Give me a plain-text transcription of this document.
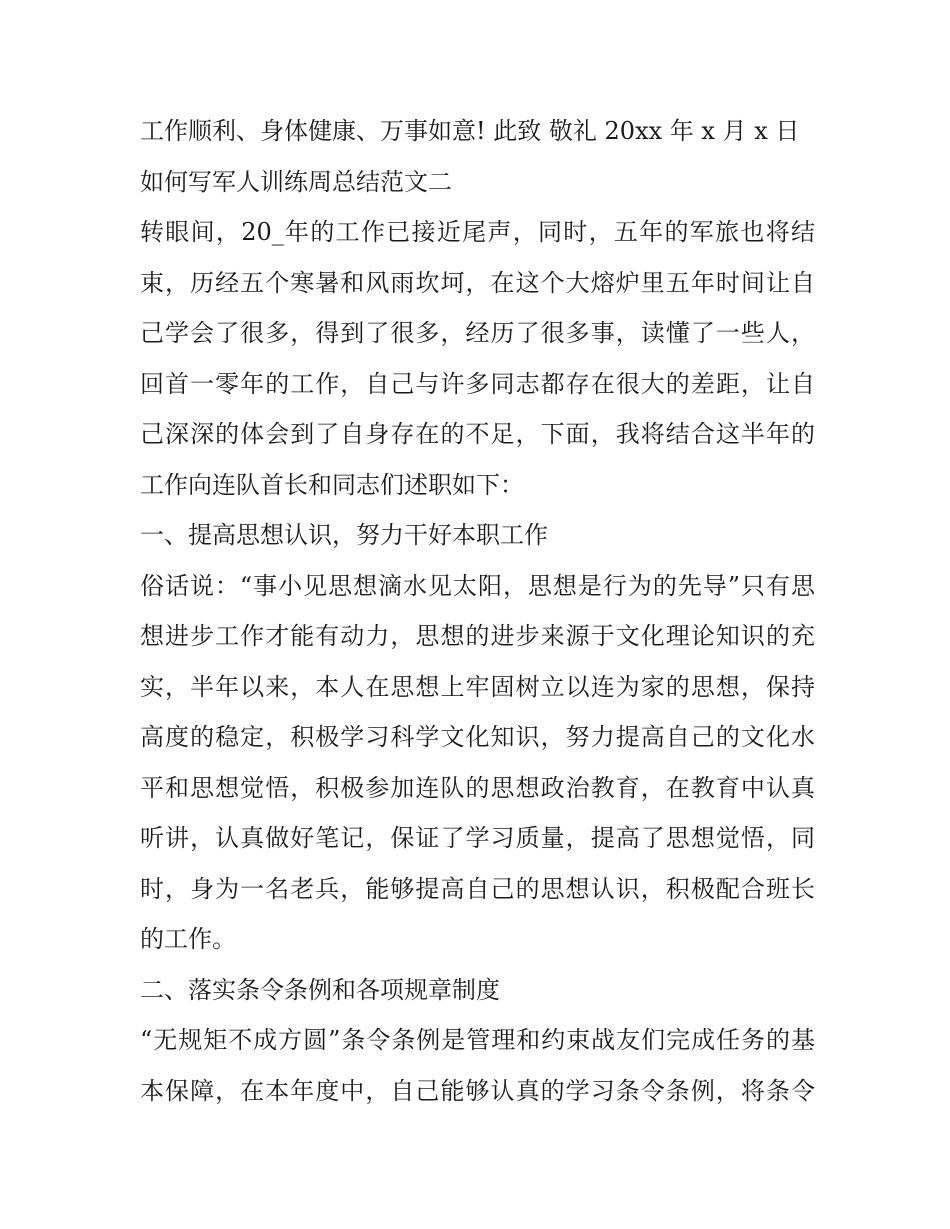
工作顺利、身体健康、万事如意! 此致 敬礼 20xx 年 x 月 x 日
如何写军人训练周总结范文二
转眼间，20_年的工作已接近尾声，同时，五年的军旅也将结
束，历经五个寒暑和风雨坎坷，在这个大熔炉里五年时间让自
己学会了很多，得到了很多，经历了很多事，读懂了一些人，
回首一零年的工作，自己与许多同志都存在很大的差距，让自
己深深的体会到了自身存在的不足，下面，我将结合这半年的
工作向连队首长和同志们述职如下：
一、提高思想认识，努力干好本职工作
俗话说：“事小见思想滴水见太阳，思想是行为的先导”只有思
想进步工作才能有动力，思想的进步来源于文化理论知识的充
实，半年以来，本人在思想上牢固树立以连为家的思想，保持
高度的稳定，积极学习科学文化知识，努力提高自己的文化水
平和思想觉悟，积极参加连队的思想政治教育，在教育中认真
听讲，认真做好笔记，保证了学习质量，提高了思想觉悟，同
时，身为一名老兵，能够提高自己的思想认识，积极配合班长
的工作。
二、落实条令条例和各项规章制度
“无规矩不成方圆”条令条例是管理和约束战友们完成任务的基
本保障，在本年度中，自己能够认真的学习条令条例，将条令
